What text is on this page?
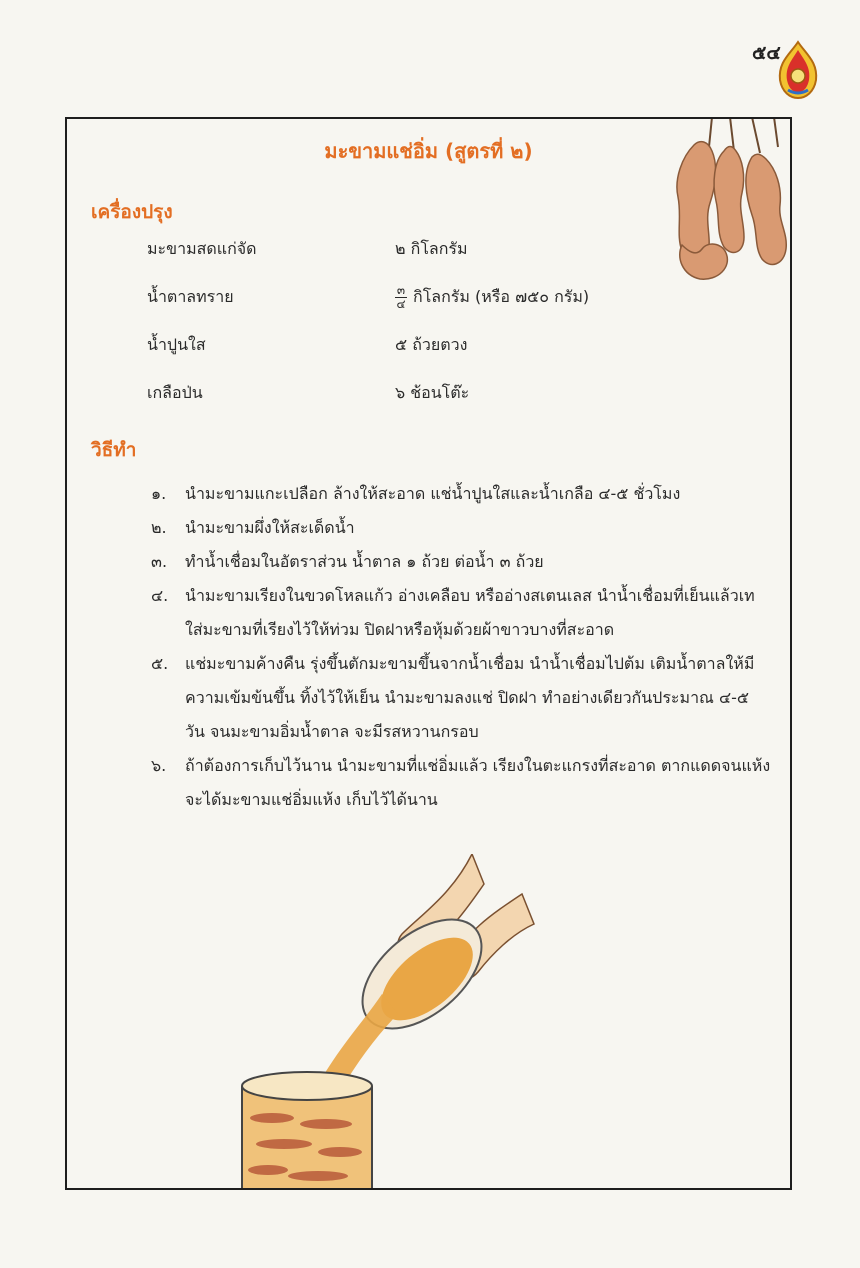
๕๔
มะขามแช่อิ่ม (สูตรที่ ๒)
เครื่องปรุง
มะขามสดแก่จัด	๒ กิโลกรัม
น้ำตาลทราย	$\frac{๓}{๔}$ กิโลกรัม (หรือ ๗๕๐ กรัม)
น้ำปูนใส	๕ ถ้วยตวง
เกลือป่น	๖ ช้อนโต๊ะ
วิธีทำ
๑. นำมะขามแกะเปลือก ล้างให้สะอาด แช่น้ำปูนใสและน้ำเกลือ ๔-๕ ชั่วโมง
๒. นำมะขามผึ่งให้สะเด็ดน้ำ
๓. ทำน้ำเชื่อมในอัตราส่วน น้ำตาล ๑ ถ้วย ต่อน้ำ ๓ ถ้วย
๔. นำมะขามเรียงในขวดโหลแก้ว อ่างเคลือบ หรืออ่างสเตนเลส นำน้ำเชื่อมที่เย็นแล้วเทใส่มะขามที่เรียงไว้ให้ท่วม ปิดฝาหรือหุ้มด้วยผ้าขาวบางที่สะอาด
๕. แช่มะขามค้างคืน รุ่งขึ้นตักมะขามขึ้นจากน้ำเชื่อม นำน้ำเชื่อมไปต้ม เติมน้ำตาลให้มีความเข้มข้นขึ้น ทิ้งไว้ให้เย็น นำมะขามลงแช่ ปิดฝา ทำอย่างเดียวกันประมาณ ๔-๕ วัน จนมะขามอิ่มน้ำตาล จะมีรสหวานกรอบ
๖. ถ้าต้องการเก็บไว้นาน นำมะขามที่แช่อิ่มแล้ว เรียงในตะแกรงที่สะอาด ตากแดดจนแห้ง จะได้มะขามแช่อิ่มแห้ง เก็บไว้ได้นาน
